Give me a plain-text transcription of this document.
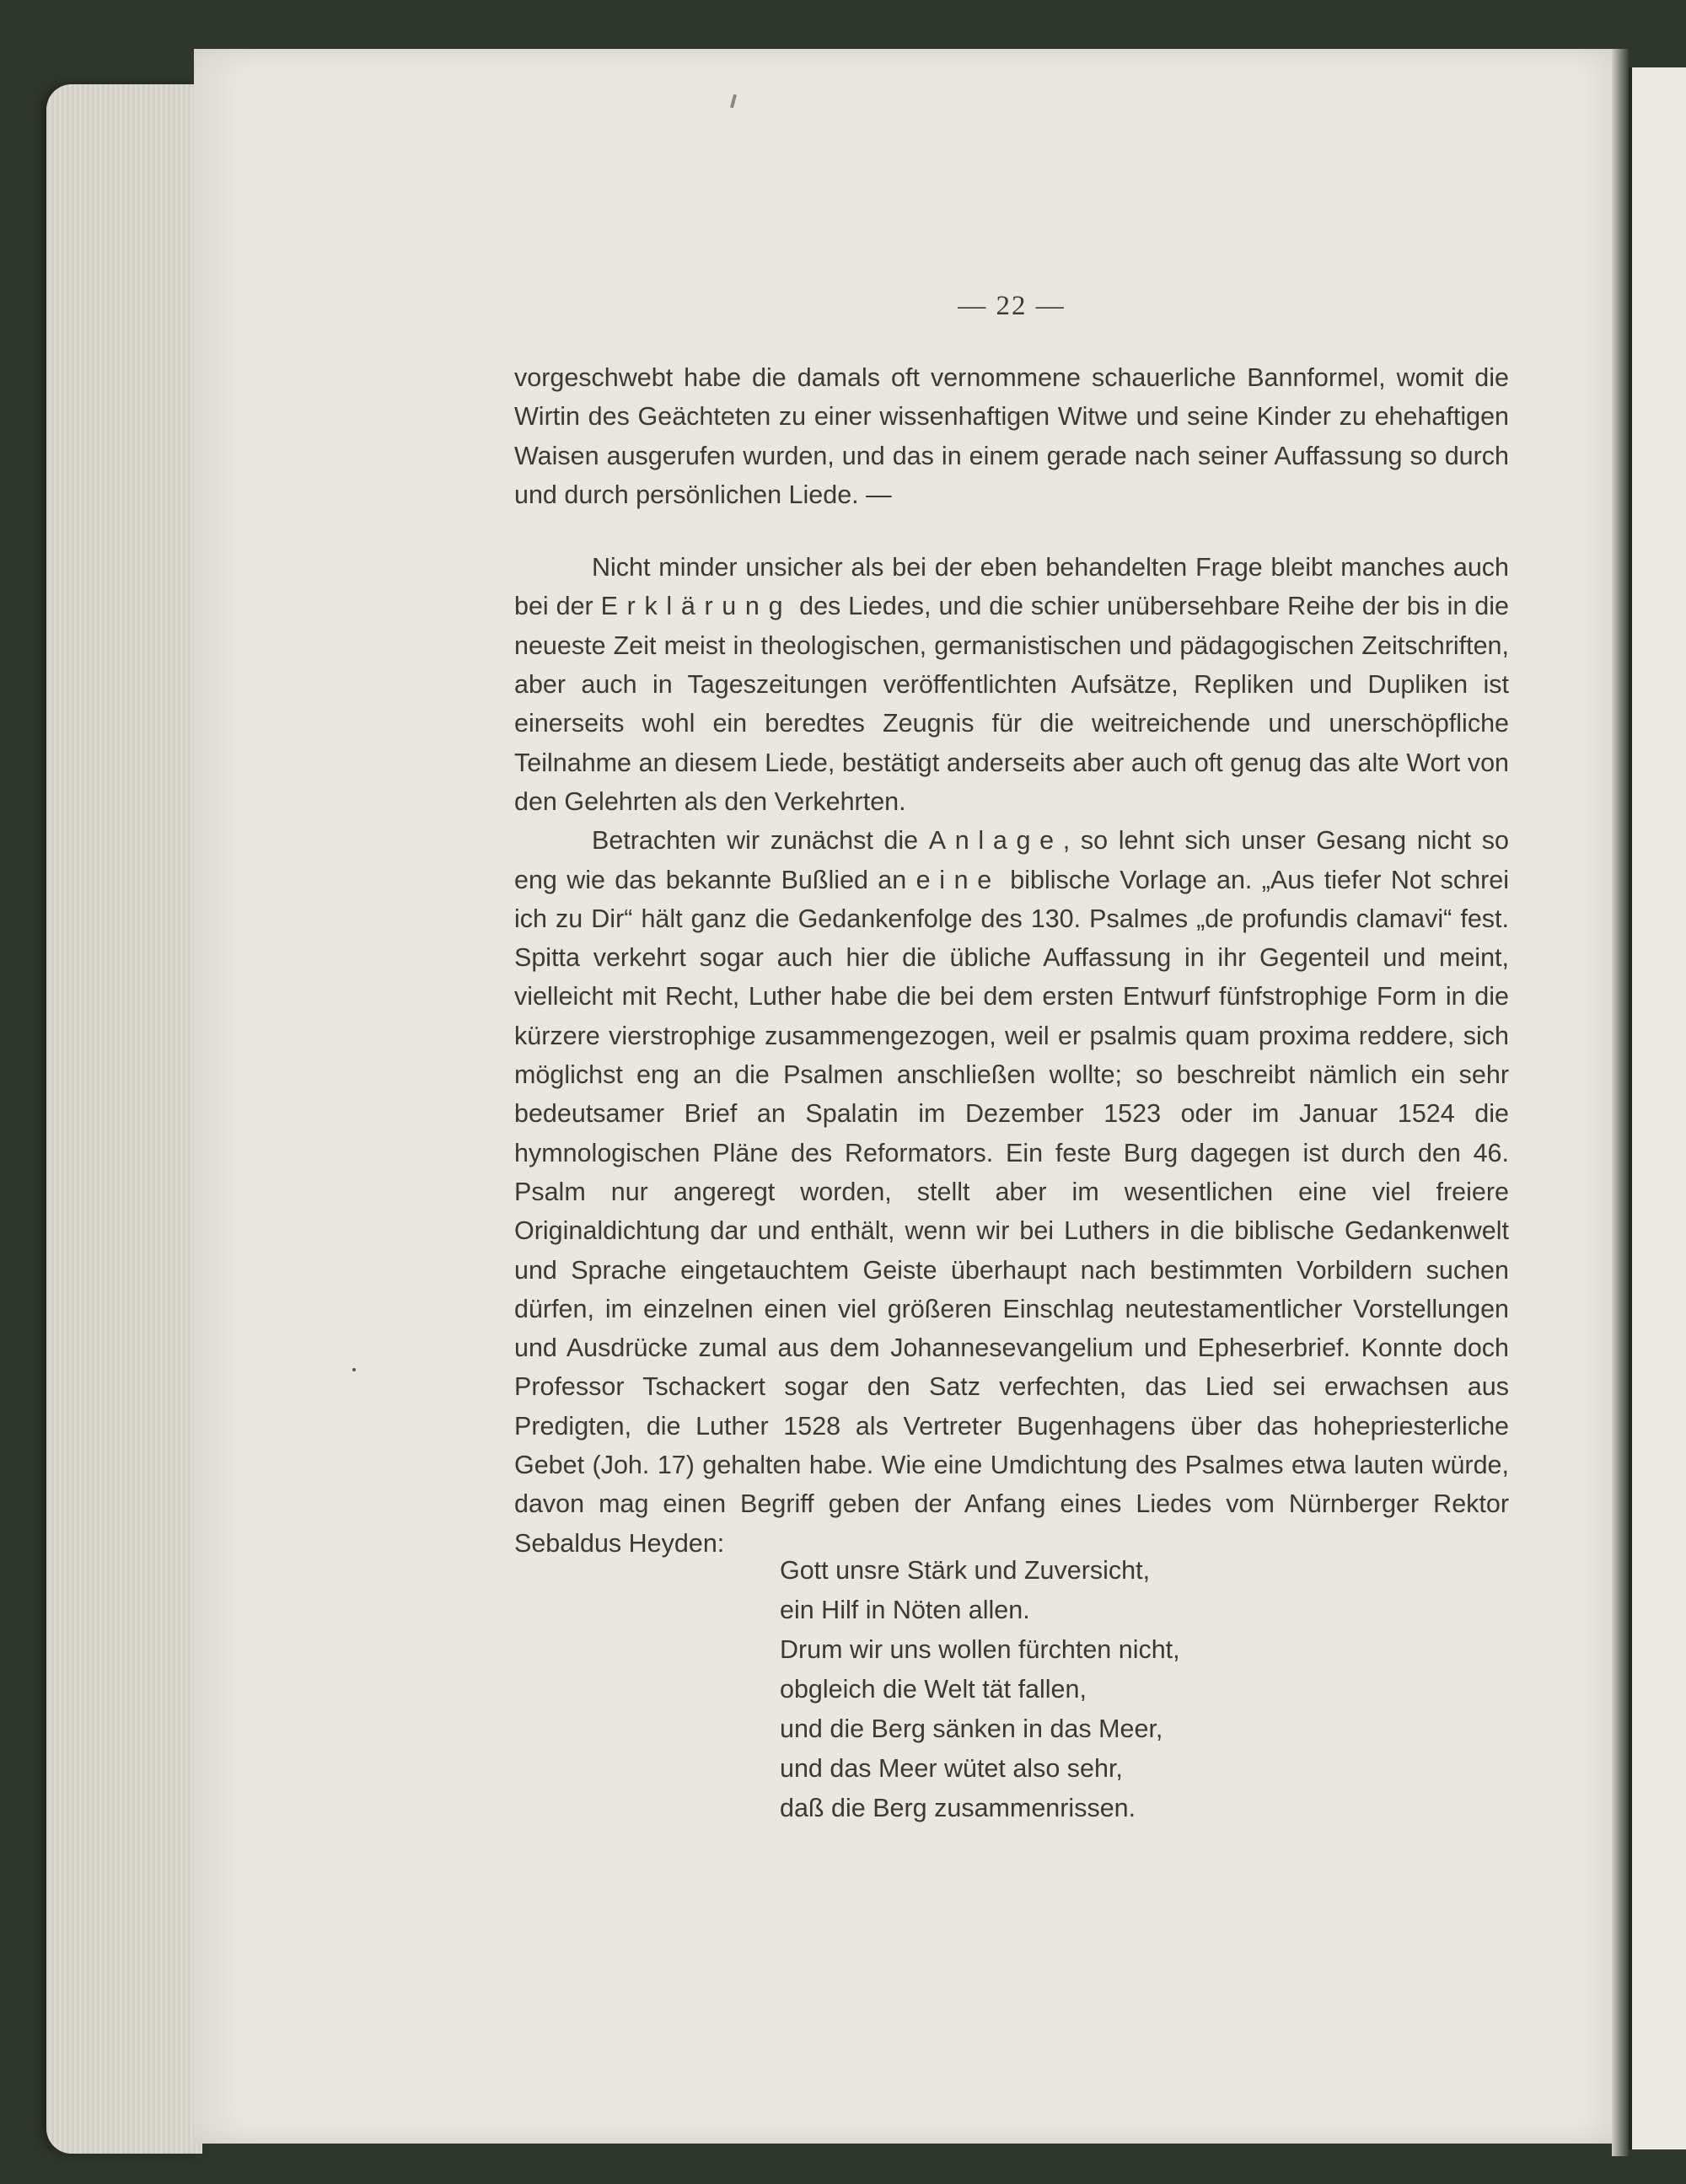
— 22 —

vorgeschwebt habe die damals oft vernommene schauerliche Bannformel, womit die Wirtin des Geächteten zu einer wissenhaftigen Witwe und seine Kinder zu ehehaftigen Waisen ausgerufen wurden, und das in einem gerade nach seiner Auffassung so durch und durch persönlichen Liede. —

Nicht minder unsicher als bei der eben behandelten Frage bleibt manches auch bei der Erklärung des Liedes, und die schier unübersehbare Reihe der bis in die neueste Zeit meist in theologischen, germanistischen und pädagogischen Zeitschriften, aber auch in Tageszeitungen veröffentlichten Aufsätze, Repliken und Dupliken ist einerseits wohl ein beredtes Zeugnis für die weitreichende und unerschöpfliche Teilnahme an diesem Liede, bestätigt anderseits aber auch oft genug das alte Wort von den Gelehrten als den Verkehrten.

Betrachten wir zunächst die Anlage, so lehnt sich unser Gesang nicht so eng wie das bekannte Bußlied an eine biblische Vorlage an. „Aus tiefer Not schrei ich zu Dir“ hält ganz die Gedankenfolge des 130. Psalmes „de profundis clamavi“ fest. Spitta verkehrt sogar auch hier die übliche Auffassung in ihr Gegenteil und meint, vielleicht mit Recht, Luther habe die bei dem ersten Entwurf fünfstrophige Form in die kürzere vierstrophige zusammengezogen, weil er psalmis quam proxima reddere, sich möglichst eng an die Psalmen anschließen wollte; so beschreibt nämlich ein sehr bedeutsamer Brief an Spalatin im Dezember 1523 oder im Januar 1524 die hymnologischen Pläne des Reformators. Ein feste Burg dagegen ist durch den 46. Psalm nur angeregt worden, stellt aber im wesentlichen eine viel freiere Originaldichtung dar und enthält, wenn wir bei Luthers in die biblische Gedankenwelt und Sprache eingetauchtem Geiste überhaupt nach bestimmten Vorbildern suchen dürfen, im einzelnen einen viel größeren Einschlag neutestamentlicher Vorstellungen und Ausdrücke zumal aus dem Johannesevangelium und Epheserbrief. Konnte doch Professor Tschackert sogar den Satz verfechten, das Lied sei erwachsen aus Predigten, die Luther 1528 als Vertreter Bugenhagens über das hohepriesterliche Gebet (Joh. 17) gehalten habe. Wie eine Umdichtung des Psalmes etwa lauten würde, davon mag einen Begriff geben der Anfang eines Liedes vom Nürnberger Rektor Sebaldus Heyden:

Gott unsre Stärk und Zuversicht,
ein Hilf in Nöten allen.
Drum wir uns wollen fürchten nicht,
obgleich die Welt tät fallen,
und die Berg sänken in das Meer,
und das Meer wütet also sehr,
daß die Berg zusammenrissen.
